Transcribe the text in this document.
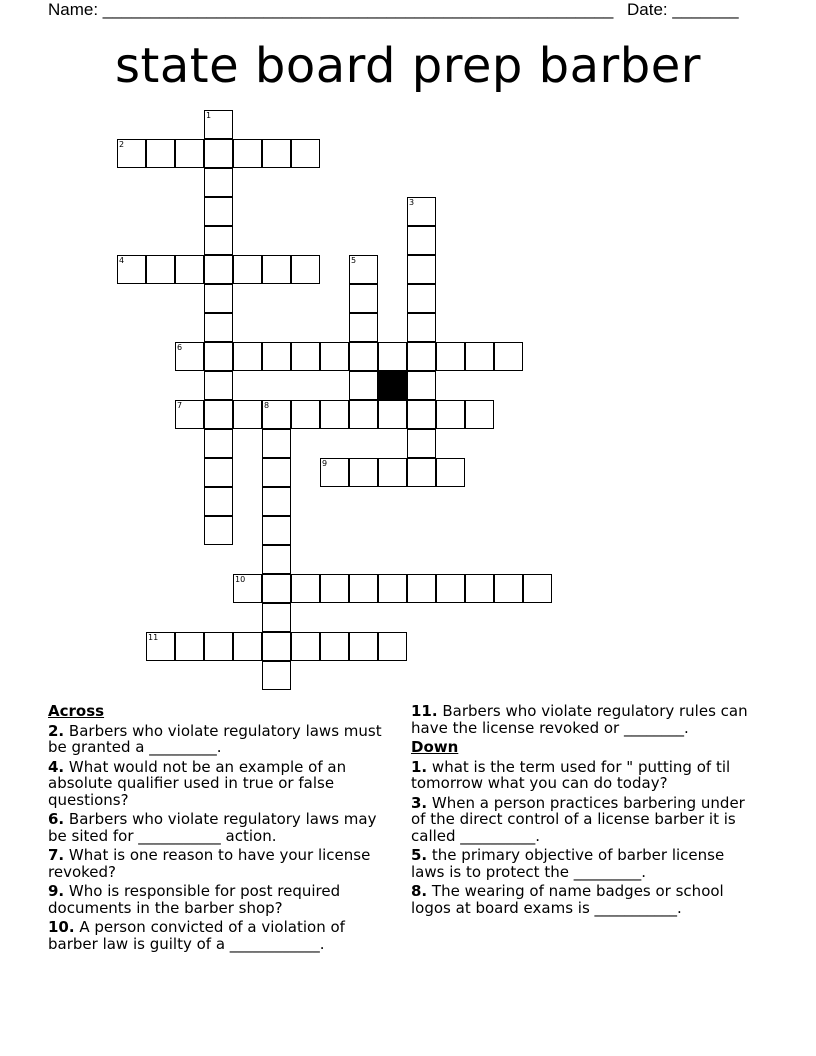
Name: ______________________________________________________ Date: _______
state board prep barber
1
2
3
4	5
6
7	8
9
10
11
Across
2. Barbers who violate regulatory laws must be granted a _________.
4. What would not be an example of an absolute qualifier used in true or false questions?
6. Barbers who violate regulatory laws may be sited for ___________ action.
7. What is one reason to have your license revoked?
9. Who is responsible for post required documents in the barber shop?
10. A person convicted of a violation of barber law is guilty of a ____________.
11. Barbers who violate regulatory rules can have the license revoked or ________.
Down
1. what is the term used for " putting of til tomorrow what you can do today?
3. When a person practices barbering under of the direct control of a license barber it is called __________.
5. the primary objective of barber license laws is to protect the _________.
8. The wearing of name badges or school logos at board exams is ___________.
